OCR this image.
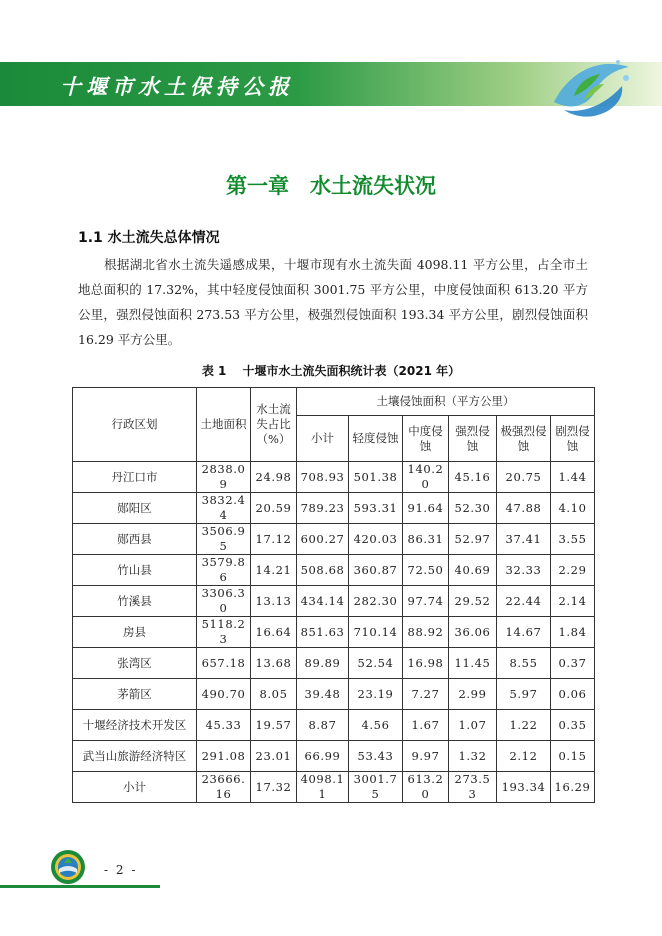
十堰市水土保持公报
第一章　水土流失状况
1.1 水土流失总体情况
根据湖北省水土流失遥感成果，十堰市现有水土流失面 4098.11 平方公里，占全市土地总面积的 17.32%，其中轻度侵蚀面积 3001.75 平方公里，中度侵蚀面积 613.20 平方公里，强烈侵蚀面积 273.53 平方公里，极强烈侵蚀面积 193.34 平方公里，剧烈侵蚀面积 16.29 平方公里。
表 1　 十堰市水土流失面积统计表（2021 年）
行政区划	土地面积	水土流失占比（%）	土壤侵蚀面积（平方公里）					
			小计	轻度侵蚀	中度侵蚀	强烈侵蚀	极强烈侵蚀	剧烈侵蚀
丹江口市	2838.09	24.98	708.93	501.38	140.20	45.16	20.75	1.44
郧阳区	3832.44	20.59	789.23	593.31	91.64	52.30	47.88	4.10
郧西县	3506.95	17.12	600.27	420.03	86.31	52.97	37.41	3.55
竹山县	3579.86	14.21	508.68	360.87	72.50	40.69	32.33	2.29
竹溪县	3306.30	13.13	434.14	282.30	97.74	29.52	22.44	2.14
房县	5118.23	16.64	851.63	710.14	88.92	36.06	14.67	1.84
张湾区	657.18	13.68	89.89	52.54	16.98	11.45	8.55	0.37
茅箭区	490.70	8.05	39.48	23.19	7.27	2.99	5.97	0.06
十堰经济技术开发区	45.33	19.57	8.87	4.56	1.67	1.07	1.22	0.35
武当山旅游经济特区	291.08	23.01	66.99	53.43	9.97	1.32	2.12	0.15
小计	23666.16	17.32	4098.11	3001.75	613.20	273.53	193.34	16.29
- 2 -
